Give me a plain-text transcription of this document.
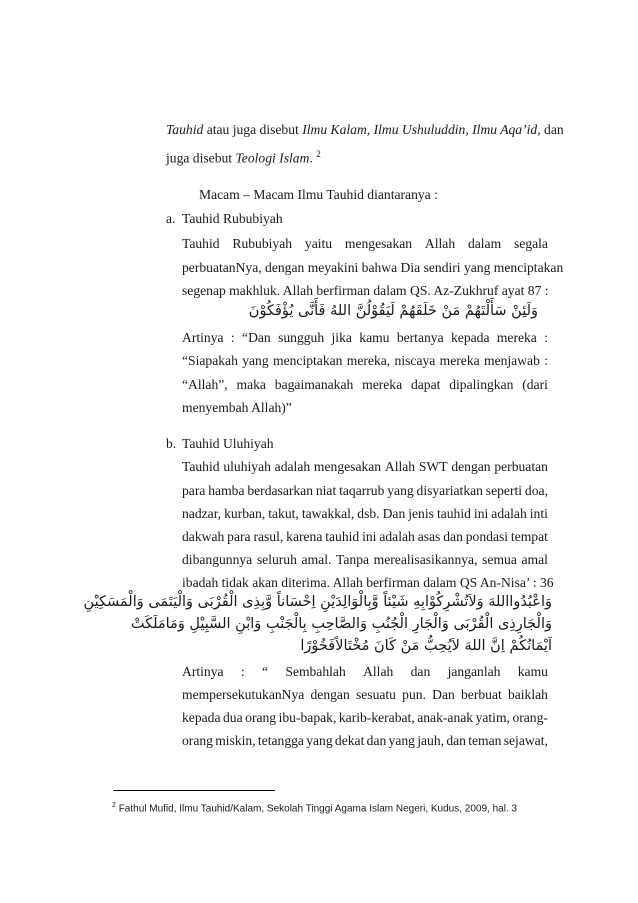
Tauhid atau juga disebut Ilmu Kalam, Ilmu Ushuluddin, Ilmu Aqa’id, dan
juga disebut Teologi Islam. $^2$
Macam – Macam Ilmu Tauhid diantaranya :
a. Tauhid Rububiyah
Tauhid Rububiyah yaitu mengesakan Allah dalam segala
perbuatanNya, dengan meyakini bahwa Dia sendiri yang menciptakan
segenap makhluk. Allah berfirman dalam QS. Az-Zukhruf ayat 87 :
وَلَئِنْ سَأَلْتَهُمْ مَنْ خَلَقَهُمْ لَيَقُوْلُنَّ اللهُ فَأَنَّى يُؤْفَكُوْنَ
Artinya : “Dan sungguh jika kamu bertanya kepada mereka :
“Siapakah yang menciptakan mereka, niscaya mereka menjawab :
“Allah”, maka bagaimanakah mereka dapat dipalingkan (dari
menyembah Allah)”
b. Tauhid Uluhiyah
Tauhid uluhiyah adalah mengesakan Allah SWT dengan perbuatan
para hamba berdasarkan niat taqarrub yang disyariatkan seperti doa,
nadzar, kurban, takut, tawakkal, dsb. Dan jenis tauhid ini adalah inti
dakwah para rasul, karena tauhid ini adalah asas dan pondasi tempat
dibangunnya seluruh amal. Tanpa merealisasikannya, semua amal
ibadah tidak akan diterima. Allah berfirman dalam QS An-Nisa’ : 36
وَاعْبُدُوااللهَ وَلاَتُشْرِكُوْابِهِ شَيْئاً وَّبِالْوَالِدَيْنِ اِحْسَاناً وَّبِذِى الْقُرْبَى وَالْيَتَمَى وَالْمَسَكِيْنِ
وَالْجَارِذِى الْقُرْبَى وَالْجَارِ الْجُنُبِ وَالصَّاحِبِ بِالْجَنْبِ وَابْنِ السَّبِيْلِ وَمَامَلَكَتْ
اَيْمَانُكُمْ اِنَّ اللهَ لاَيُحِبُّ مَنْ كَانَ مُخْتَالاًفَخُوْرًا
Artinya : “ Sembahlah Allah dan janganlah kamu
mempersekutukanNya dengan sesuatu pun. Dan berbuat baiklah
kepada dua orang ibu-bapak, karib-kerabat, anak-anak yatim, orang-
orang miskin, tetangga yang dekat dan yang jauh, dan teman sejawat,
$^2$ Fathul Mufid, Ilmu Tauhid/Kalam, Sekolah Tinggi Agama Islam Negeri, Kudus, 2009, hal. 3
